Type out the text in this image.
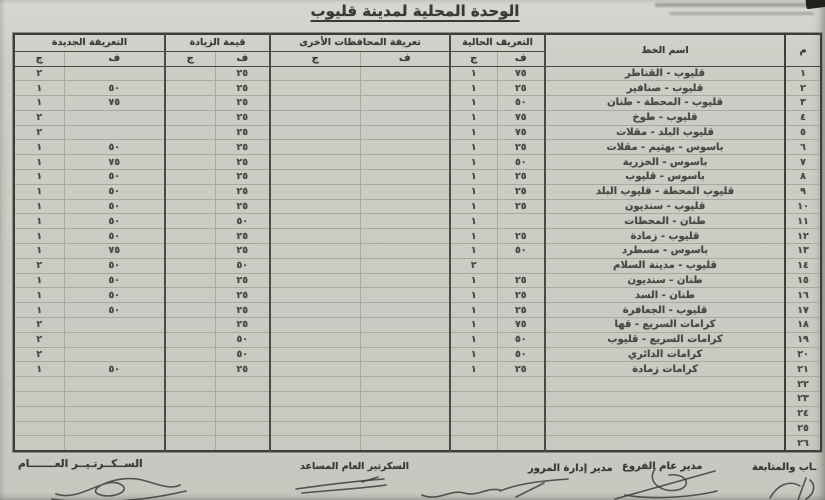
الوحدة المحلية لمدينة قليوب
م	اسم الخط	التعريف الحالية		تعريفة المحافظات الأخرى		قيمة الزيادة		التعريفة الجديدة	
		ف	ج	ف	ج	ف	ج	ف	ج
١	قليوب - القناطر	٧٥	١			٢٥			٢
٢	قليوب - صنافير	٢٥	١			٢٥		٥٠	١
٣	قليوب - المحطة - طنان	٥٠	١			٢٥		٧٥	١
٤	قليوب - طوخ	٧٥	١			٢٥			٢
٥	قليوب البلد - مقلات	٧٥	١			٢٥			٢
٦	باسوس - بهتيم - مقلات	٢٥	١			٢٥		٥٠	١
٧	باسوس - الخزرية	٥٠	١			٢٥		٧٥	١
٨	باسوس - قليوب	٢٥	١			٢٥		٥٠	١
٩	قليوب المحطة - قليوب البلد	٢٥	١			٢٥		٥٠	١
١٠	قليوب - سنديون	٢٥	١			٢٥		٥٠	١
١١	طنان - المحطات		١			٥٠		٥٠	١
١٢	قليوب - زمادة	٢٥	١			٢٥		٥٠	١
١٣	باسوس - مسطرد	٥٠	١			٢٥		٧٥	١
١٤	قليوب - مدينة السلام		٢			٥٠		٥٠	٢
١٥	طنان - سنديون	٢٥	١			٢٥		٥٠	١
١٦	طنان - السد	٢٥	١			٢٥		٥٠	١
١٧	قليوب - الجعافرة	٢٥	١			٢٥		٥٠	١
١٨	كرامات السريع - قها	٧٥	١			٢٥			٢
١٩	كرامات السريع - قليوب	٥٠	١			٥٠			٢
٢٠	كرامات الدائري	٥٠	١			٥٠			٢
٢١	كرامات زمادة	٢٥	١			٢٥		٥٠	١
٢٢									
٢٣									
٢٤									
٢٥									
٢٦									
الســكــرتـيــر العـــــــام	السكرتير العام المساعد	مدير إدارة المرور مدير عام الفروع	ـاب والمتابعة
